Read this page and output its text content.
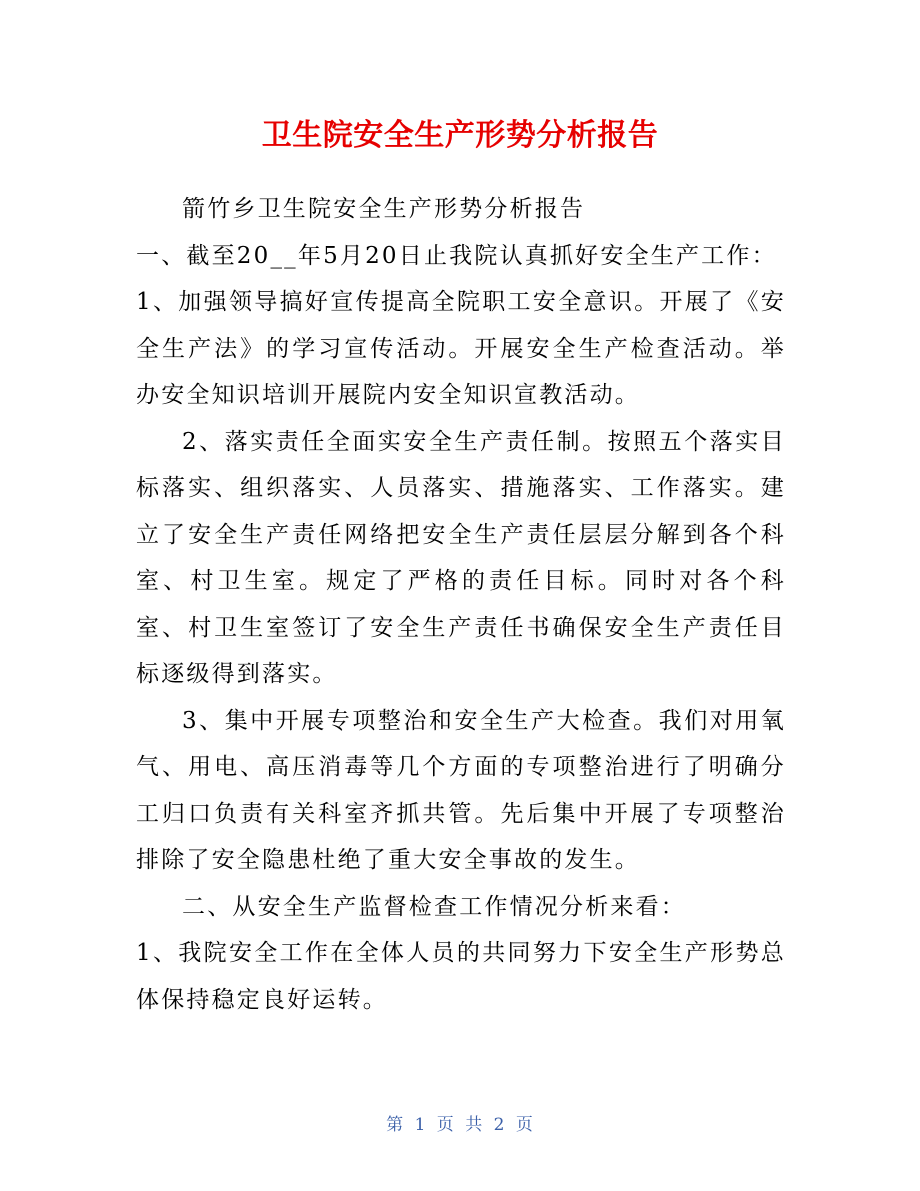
卫生院安全生产形势分析报告

箭竹乡卫生院安全生产形势分析报告

一、截至20__年5月20日止我院认真抓好安全生产工作：

1、加强领导搞好宣传提高全院职工安全意识。开展了《安全生产法》的学习宣传活动。开展安全生产检查活动。举办安全知识培训开展院内安全知识宣教活动。

2、落实责任全面实安全生产责任制。按照五个落实目标落实、组织落实、人员落实、措施落实、工作落实。建立了安全生产责任网络把安全生产责任层层分解到各个科室、村卫生室。规定了严格的责任目标。同时对各个科室、村卫生室签订了安全生产责任书确保安全生产责任目标逐级得到落实。

3、集中开展专项整治和安全生产大检查。我们对用氧气、用电、高压消毒等几个方面的专项整治进行了明确分工归口负责有关科室齐抓共管。先后集中开展了专项整治排除了安全隐患杜绝了重大安全事故的发生。

二、从安全生产监督检查工作情况分析来看：

1、我院安全工作在全体人员的共同努力下安全生产形势总体保持稳定良好运转。

第 1 页 共 2 页
